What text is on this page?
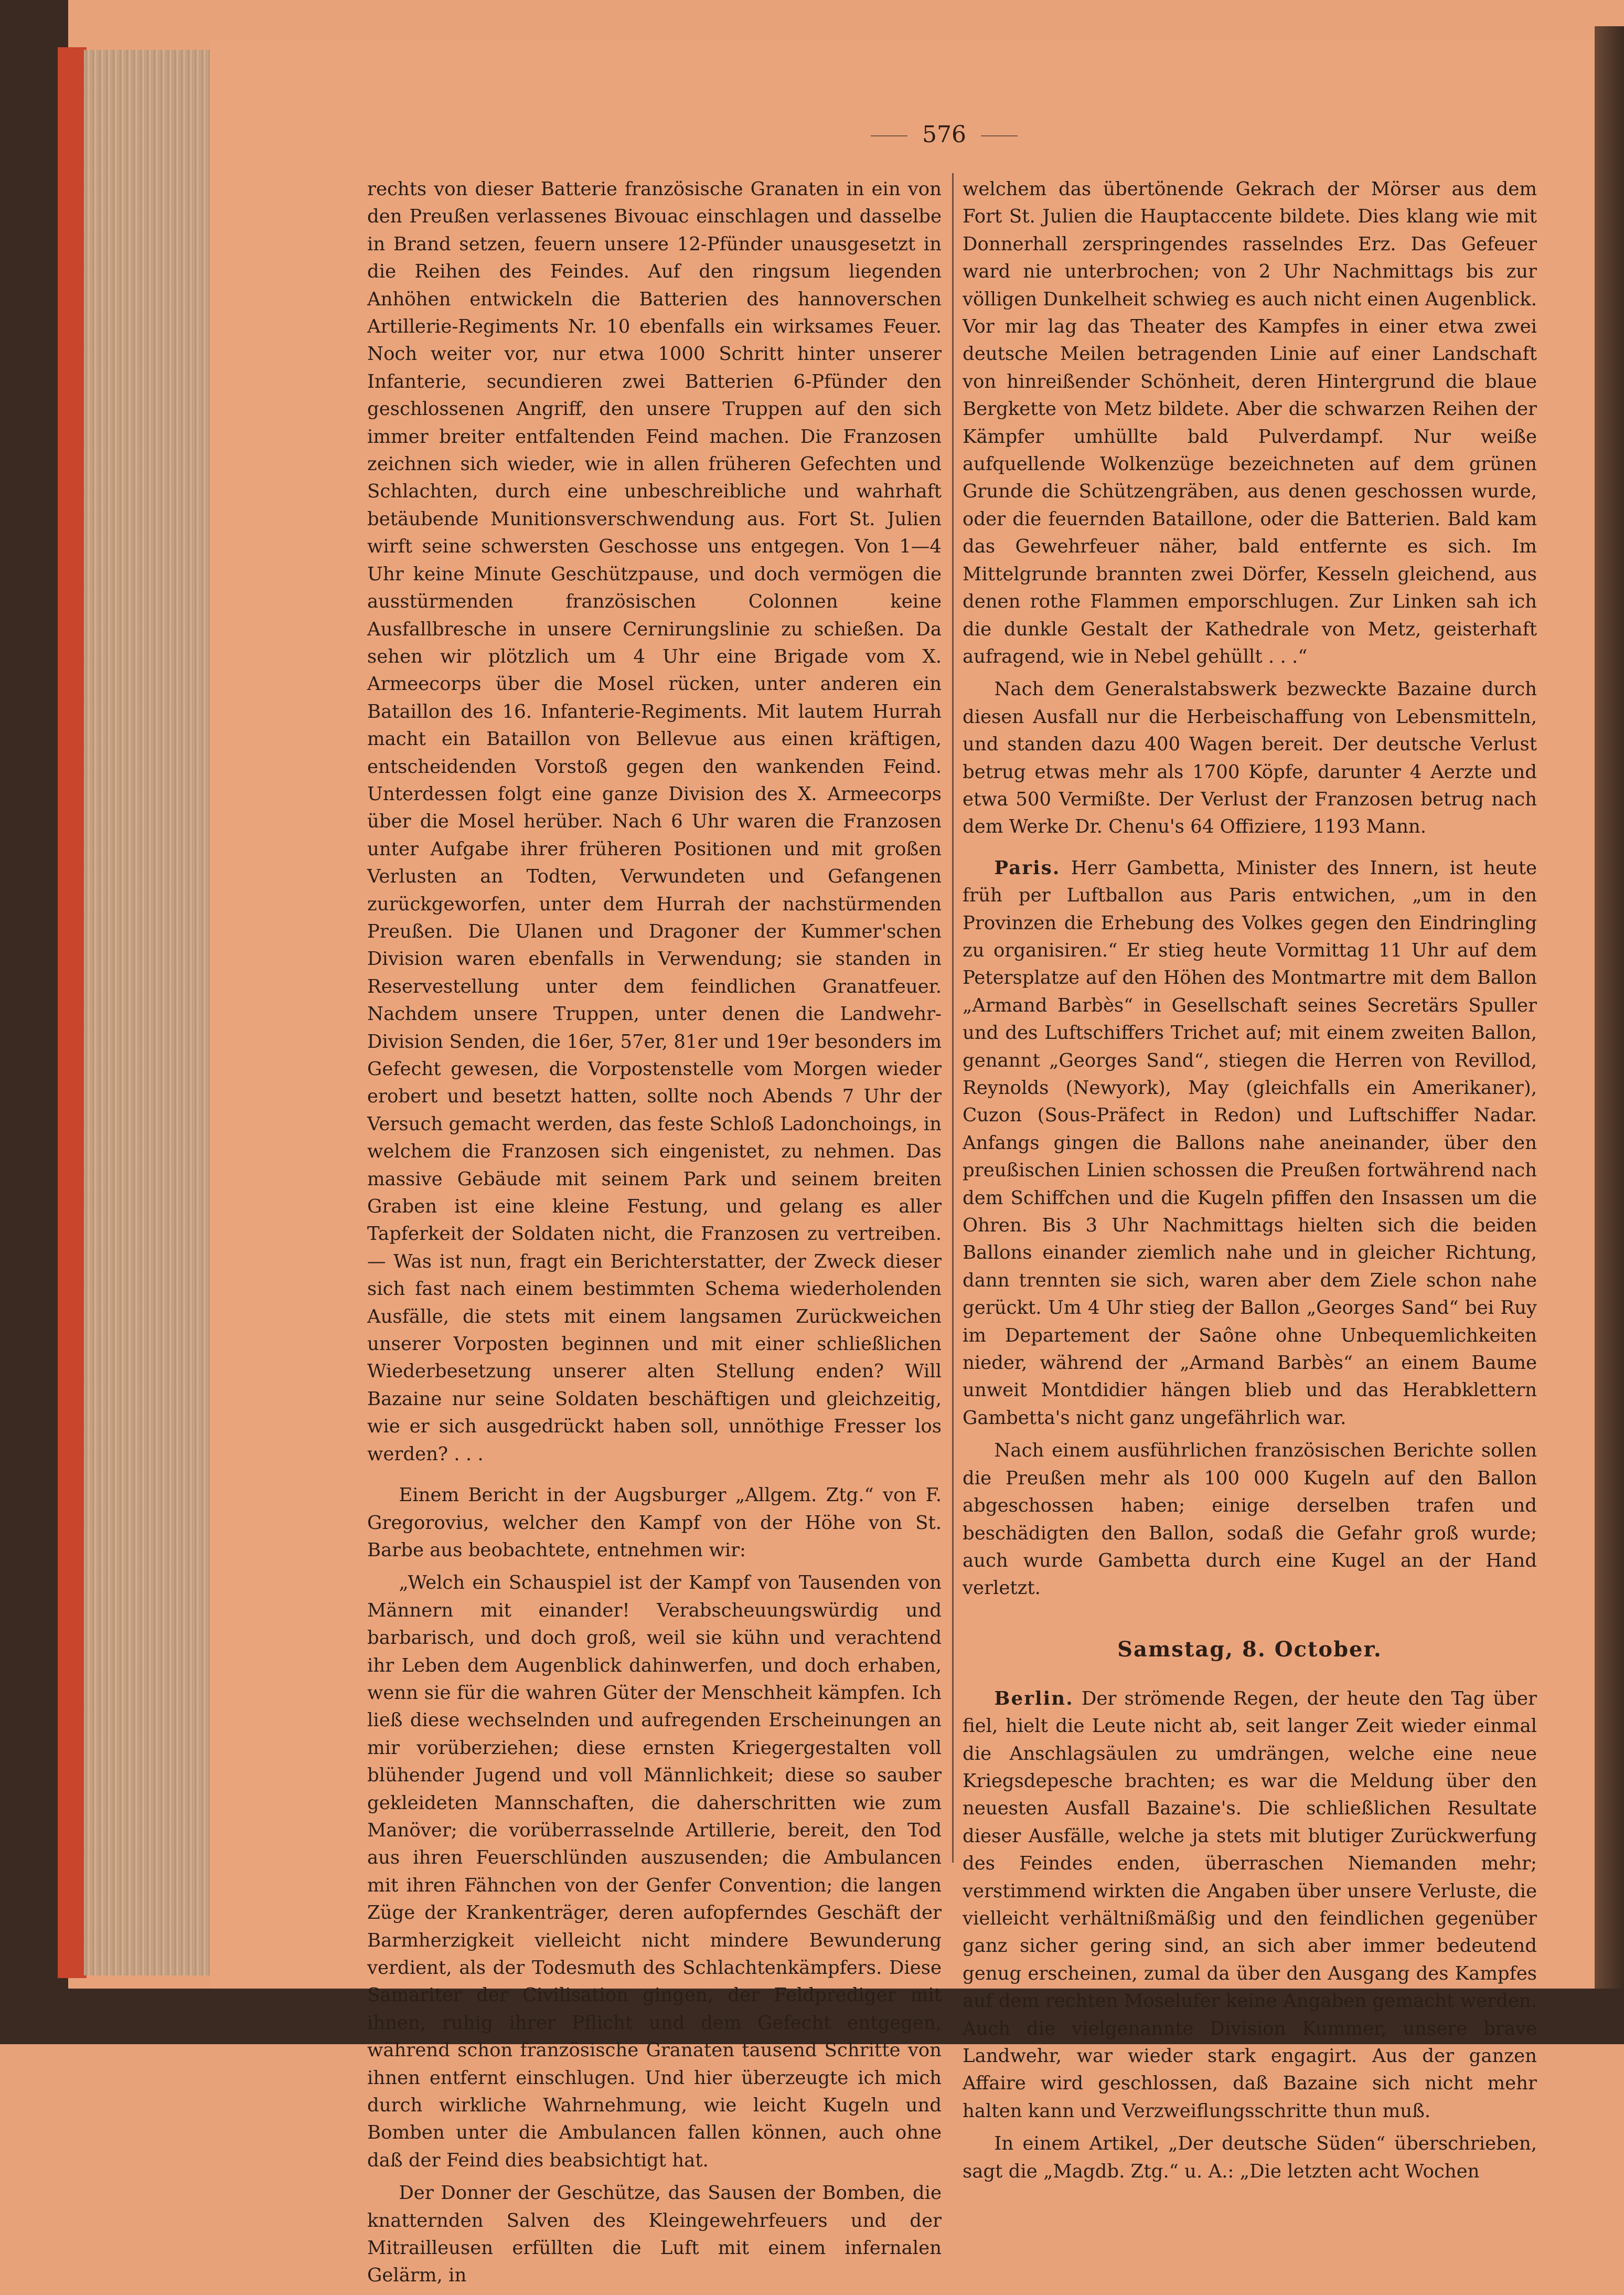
576

rechts von dieser Batterie französische Granaten in ein von den Preußen verlassenes Bivouac einschlagen und dasselbe in Brand setzen, feuern unsere 12-Pfünder unausgesetzt in die Reihen des Feindes. Auf den ringsum liegenden Anhöhen entwickeln die Batterien des hannoverschen Artillerie-Regiments Nr. 10 ebenfalls ein wirksames Feuer. Noch weiter vor, nur etwa 1000 Schritt hinter unserer Infanterie, secundieren zwei Batterien 6-Pfünder den geschlossenen Angriff, den unsere Truppen auf den sich immer breiter entfaltenden Feind machen. Die Franzosen zeichnen sich wieder, wie in allen früheren Gefechten und Schlachten, durch eine unbeschreibliche und wahrhaft betäubende Munitionsverschwendung aus. Fort St. Julien wirft seine schwersten Geschosse uns entgegen. Von 1—4 Uhr keine Minute Geschützpause, und doch vermögen die ausstürmenden französischen Colonnen keine Ausfallbresche in unsere Cernirungslinie zu schießen. Da sehen wir plötzlich um 4 Uhr eine Brigade vom X. Armeecorps über die Mosel rücken, unter anderen ein Bataillon des 16. Infanterie-Regiments. Mit lautem Hurrah macht ein Bataillon von Bellevue aus einen kräftigen, entscheidenden Vorstoß gegen den wankenden Feind. Unterdessen folgt eine ganze Division des X. Armeecorps über die Mosel herüber. Nach 6 Uhr waren die Franzosen unter Aufgabe ihrer früheren Positionen und mit großen Verlusten an Todten, Verwundeten und Gefangenen zurückgeworfen, unter dem Hurrah der nachstürmenden Preußen. Die Ulanen und Dragoner der Kummer'schen Division waren ebenfalls in Verwendung; sie standen in Reservestellung unter dem feindlichen Granatfeuer. Nachdem unsere Truppen, unter denen die Landwehr-Division Senden, die 16er, 57er, 81er und 19er besonders im Gefecht gewesen, die Vorpostenstelle vom Morgen wieder erobert und besetzt hatten, sollte noch Abends 7 Uhr der Versuch gemacht werden, das feste Schloß Ladonchoings, in welchem die Franzosen sich eingenistet, zu nehmen. Das massive Gebäude mit seinem Park und seinem breiten Graben ist eine kleine Festung, und gelang es aller Tapferkeit der Soldaten nicht, die Franzosen zu vertreiben. — Was ist nun, fragt ein Berichterstatter, der Zweck dieser sich fast nach einem bestimmten Schema wiederholenden Ausfälle, die stets mit einem langsamen Zurückweichen unserer Vorposten beginnen und mit einer schließlichen Wiederbesetzung unserer alten Stellung enden? Will Bazaine nur seine Soldaten beschäftigen und gleichzeitig, wie er sich ausgedrückt haben soll, unnöthige Fresser los werden? . . .

Einem Bericht in der Augsburger „Allgem. Ztg.“ von F. Gregorovius, welcher den Kampf von der Höhe von St. Barbe aus beobachtete, entnehmen wir:

„Welch ein Schauspiel ist der Kampf von Tausenden von Männern mit einander! Verabscheuungswürdig und barbarisch, und doch groß, weil sie kühn und verachtend ihr Leben dem Augenblick dahinwerfen, und doch erhaben, wenn sie für die wahren Güter der Menschheit kämpfen. Ich ließ diese wechselnden und aufregenden Erscheinungen an mir vorüberziehen; diese ernsten Kriegergestalten voll blühender Jugend und voll Männlichkeit; diese so sauber gekleideten Mannschaften, die daherschritten wie zum Manöver; die vorüberrasselnde Artillerie, bereit, den Tod aus ihren Feuerschlünden auszusenden; die Ambulancen mit ihren Fähnchen von der Genfer Convention; die langen Züge der Krankenträger, deren aufopferndes Geschäft der Barmherzigkeit vielleicht nicht mindere Bewunderung verdient, als der Todesmuth des Schlachtenkämpfers. Diese Samariter der Civilisation gingen, der Feldprediger mit ihnen, ruhig ihrer Pflicht und dem Gefecht entgegen, während schon französische Granaten tausend Schritte von ihnen entfernt einschlugen. Und hier überzeugte ich mich durch wirkliche Wahrnehmung, wie leicht Kugeln und Bomben unter die Ambulancen fallen können, auch ohne daß der Feind dies beabsichtigt hat.

Der Donner der Geschütze, das Sausen der Bomben, die knatternden Salven des Kleingewehrfeuers und der Mitrailleusen erfüllten die Luft mit einem infernalen Gelärm, in

welchem das übertönende Gekrach der Mörser aus dem Fort St. Julien die Hauptaccente bildete. Dies klang wie mit Donnerhall zerspringendes rasselndes Erz. Das Gefeuer ward nie unterbrochen; von 2 Uhr Nachmittags bis zur völligen Dunkelheit schwieg es auch nicht einen Augenblick. Vor mir lag das Theater des Kampfes in einer etwa zwei deutsche Meilen betragenden Linie auf einer Landschaft von hinreißender Schönheit, deren Hintergrund die blaue Bergkette von Metz bildete. Aber die schwarzen Reihen der Kämpfer umhüllte bald Pulverdampf. Nur weiße aufquellende Wolkenzüge bezeichneten auf dem grünen Grunde die Schützengräben, aus denen geschossen wurde, oder die feuernden Bataillone, oder die Batterien. Bald kam das Gewehrfeuer näher, bald entfernte es sich. Im Mittelgrunde brannten zwei Dörfer, Kesseln gleichend, aus denen rothe Flammen emporschlugen. Zur Linken sah ich die dunkle Gestalt der Kathedrale von Metz, geisterhaft aufragend, wie in Nebel gehüllt . . .“

Nach dem Generalstabswerk bezweckte Bazaine durch diesen Ausfall nur die Herbeischaffung von Lebensmitteln, und standen dazu 400 Wagen bereit. Der deutsche Verlust betrug etwas mehr als 1700 Köpfe, darunter 4 Aerzte und etwa 500 Vermißte. Der Verlust der Franzosen betrug nach dem Werke Dr. Chenu's 64 Offiziere, 1193 Mann.

Paris. Herr Gambetta, Minister des Innern, ist heute früh per Luftballon aus Paris entwichen, „um in den Provinzen die Erhebung des Volkes gegen den Eindringling zu organisiren.“ Er stieg heute Vormittag 11 Uhr auf dem Petersplatze auf den Höhen des Montmartre mit dem Ballon „Armand Barbès“ in Gesellschaft seines Secretärs Spuller und des Luftschiffers Trichet auf; mit einem zweiten Ballon, genannt „Georges Sand“, stiegen die Herren von Revillod, Reynolds (Newyork), May (gleichfalls ein Amerikaner), Cuzon (Sous-Präfect in Redon) und Luftschiffer Nadar. Anfangs gingen die Ballons nahe aneinander, über den preußischen Linien schossen die Preußen fortwährend nach dem Schiffchen und die Kugeln pfiffen den Insassen um die Ohren. Bis 3 Uhr Nachmittags hielten sich die beiden Ballons einander ziemlich nahe und in gleicher Richtung, dann trennten sie sich, waren aber dem Ziele schon nahe gerückt. Um 4 Uhr stieg der Ballon „Georges Sand“ bei Ruy im Departement der Saône ohne Unbequemlichkeiten nieder, während der „Armand Barbès“ an einem Baume unweit Montdidier hängen blieb und das Herabklettern Gambetta's nicht ganz ungefährlich war.

Nach einem ausführlichen französischen Berichte sollen die Preußen mehr als 100 000 Kugeln auf den Ballon abgeschossen haben; einige derselben trafen und beschädigten den Ballon, sodaß die Gefahr groß wurde; auch wurde Gambetta durch eine Kugel an der Hand verletzt.

Samstag, 8. October.

Berlin. Der strömende Regen, der heute den Tag über fiel, hielt die Leute nicht ab, seit langer Zeit wieder einmal die Anschlagsäulen zu umdrängen, welche eine neue Kriegsdepesche brachten; es war die Meldung über den neuesten Ausfall Bazaine's. Die schließlichen Resultate dieser Ausfälle, welche ja stets mit blutiger Zurückwerfung des Feindes enden, überraschen Niemanden mehr; verstimmend wirkten die Angaben über unsere Verluste, die vielleicht verhältnißmäßig und den feindlichen gegenüber ganz sicher gering sind, an sich aber immer bedeutend genug erscheinen, zumal da über den Ausgang des Kampfes auf dem rechten Moselufer keine Angaben gemacht werden. Auch die vielgenannte Division Kummer, unsere brave Landwehr, war wieder stark engagirt. Aus der ganzen Affaire wird geschlossen, daß Bazaine sich nicht mehr halten kann und Verzweiflungsschritte thun muß.

In einem Artikel, „Der deutsche Süden“ überschrieben, sagt die „Magdb. Ztg.“ u. A.: „Die letzten acht Wochen
